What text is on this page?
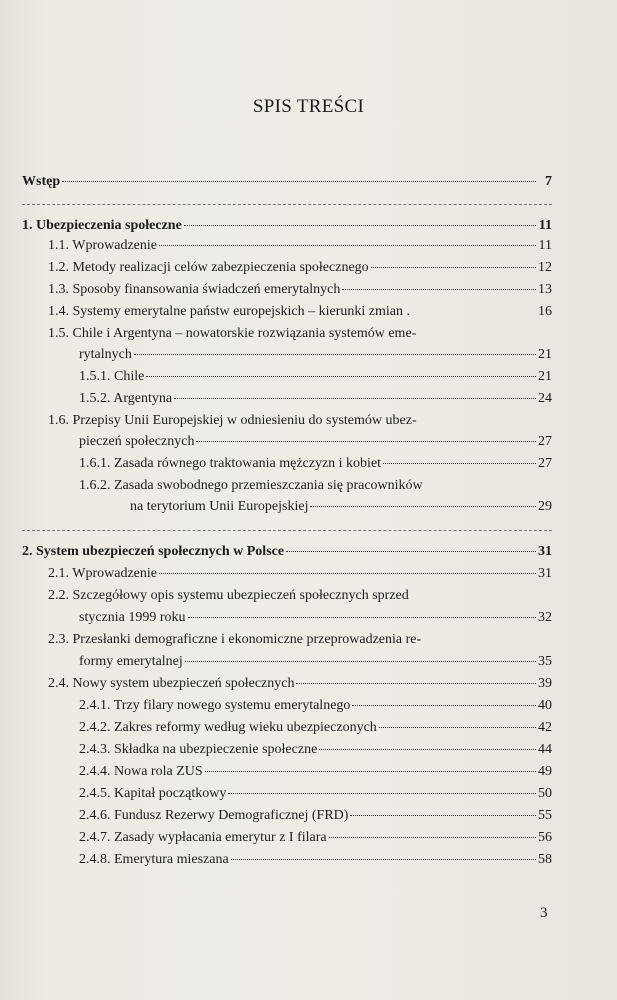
SPIS TREŚCI
Wstęp	7
1. Ubezpieczenia społeczne	11
1.1. Wprowadzenie	11
1.2. Metody realizacji celów zabezpieczenia społecznego	12
1.3. Sposoby finansowania świadczeń emerytalnych	13
1.4. Systemy emerytalne państw europejskich – kierunki zmian .	16
1.5. Chile i Argentyna – nowatorskie rozwiązania systemów eme-
rytalnych	21
1.5.1. Chile	21
1.5.2. Argentyna	24
1.6. Przepisy Unii Europejskiej w odniesieniu do systemów ubez-
pieczeń społecznych	27
1.6.1. Zasada równego traktowania mężczyzn i kobiet	27
1.6.2. Zasada swobodnego przemieszczania się pracowników
na terytorium Unii Europejskiej	29
2. System ubezpieczeń społecznych w Polsce	31
2.1. Wprowadzenie	31
2.2. Szczegółowy opis systemu ubezpieczeń społecznych sprzed
stycznia 1999 roku	32
2.3. Przesłanki demograficzne i ekonomiczne przeprowadzenia re-
formy emerytalnej	35
2.4. Nowy system ubezpieczeń społecznych	39
2.4.1. Trzy filary nowego systemu emerytalnego	40
2.4.2. Zakres reformy według wieku ubezpieczonych	42
2.4.3. Składka na ubezpieczenie społeczne	44
2.4.4. Nowa rola ZUS	49
2.4.5. Kapitał początkowy	50
2.4.6. Fundusz Rezerwy Demograficznej (FRD)	55
2.4.7. Zasady wypłacania emerytur z I filara	56
2.4.8. Emerytura mieszana	58
3
